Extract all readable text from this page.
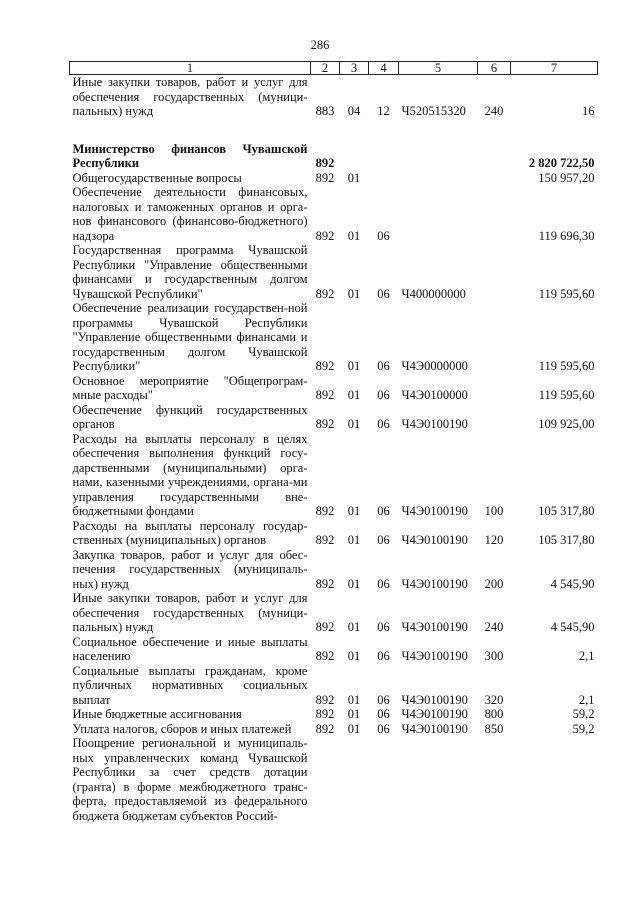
286
1	2	3	4	5	6	7
Иные закупки товаров, работ и услуг для обеспечения государственных (муници-пальных) нужд	883	04	12	Ч520515320	240	16

Министерство финансов Чувашской Республики	892					2 820 722,50
Общегосударственные вопросы	892	01				150 957,20
Обеспечение деятельности финансовых, налоговых и таможенных органов и орга-нов финансового (финансово-бюджетного) надзора	892	01	06			119 696,30
Государственная программа Чувашской Республики "Управление общественными финансами и государственным долгом Чувашской Республики"	892	01	06	Ч400000000		119 595,60
Обеспечение реализации государствен-ной программы Чувашской Республики "Управление общественными финансами и государственным долгом Чувашской Республики"	892	01	06	Ч4Э0000000		119 595,60
Основное мероприятие "Общепрограм-мные расходы"	892	01	06	Ч4Э0100000		119 595,60
Обеспечение функций государственных органов	892	01	06	Ч4Э0100190		109 925,00
Расходы на выплаты персоналу в целях обеспечения выполнения функций госу-дарственными (муниципальными) орга-нами, казенными учреждениями, органа-ми управления государственными вне-бюджетными фондами	892	01	06	Ч4Э0100190	100	105 317,80
Расходы на выплаты персоналу государ-ственных (муниципальных) органов	892	01	06	Ч4Э0100190	120	105 317,80
Закупка товаров, работ и услуг для обес-печения государственных (муниципаль-ных) нужд	892	01	06	Ч4Э0100190	200	4 545,90
Иные закупки товаров, работ и услуг для обеспечения государственных (муници-пальных) нужд	892	01	06	Ч4Э0100190	240	4 545,90
Социальное обеспечение и иные выплаты населению	892	01	06	Ч4Э0100190	300	2,1
Социальные выплаты гражданам, кроме публичных нормативных социальных выплат	892	01	06	Ч4Э0100190	320	2,1
Иные бюджетные ассигнования	892	01	06	Ч4Э0100190	800	59,2
Уплата налогов, сборов и иных платежей	892	01	06	Ч4Э0100190	850	59,2
Поощрение региональной и муниципаль-ных управленческих команд Чувашской Республики за счет средств дотации (гранта) в форме межбюджетного транс-ферта, предоставляемой из федерального бюджета бюджетам субъектов Россий-						
